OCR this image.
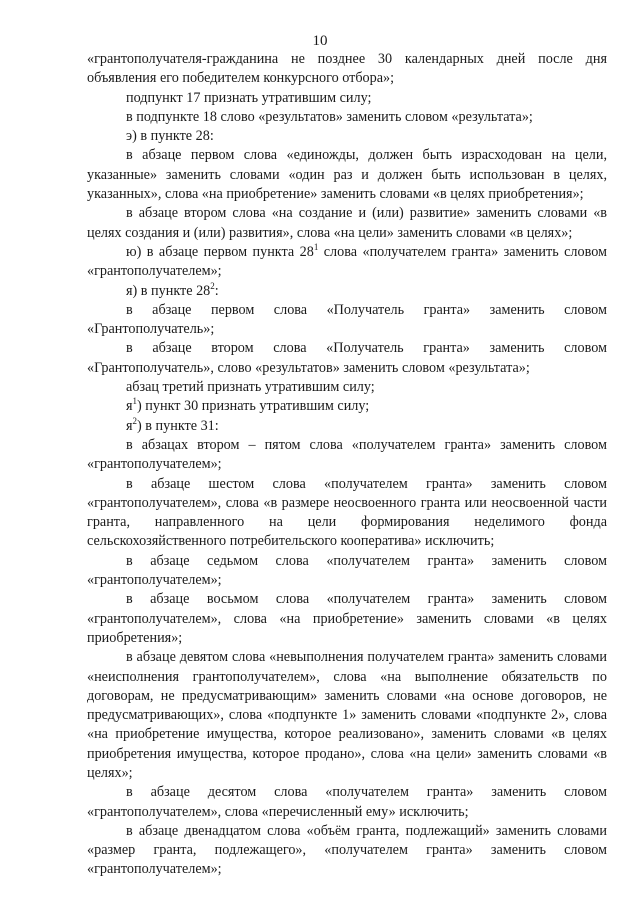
10

«грантополучателя-гражданина не позднее 30 календарных дней после дня объявления его победителем конкурсного отбора»;

подпункт 17 признать утратившим силу;

в подпункте 18 слово «результатов» заменить словом «результата»;

э) в пункте 28:

в абзаце первом слова «единожды, должен быть израсходован на цели, указанные» заменить словами «один раз и должен быть использован в целях, указанных», слова «на приобретение» заменить словами «в целях приобретения»;

в абзаце втором слова «на создание и (или) развитие» заменить словами «в целях создания и (или) развития», слова «на цели» заменить словами «в целях»;

ю) в абзаце первом пункта $28^1$ слова «получателем гранта» заменить словом «грантополучателем»;

я) в пункте $28^2$:

в абзаце первом слова «Получатель гранта» заменить словом «Грантополучатель»;

в абзаце втором слова «Получатель гранта» заменить словом «Грантополучатель», слово «результатов» заменить словом «результата»;

абзац третий признать утратившим силу;

$я^1$) пункт 30 признать утратившим силу;

$я^2$) в пункте 31:

в абзацах втором – пятом слова «получателем гранта» заменить словом «грантополучателем»;

в абзаце шестом слова «получателем гранта» заменить словом «грантополучателем», слова «в размере неосвоенного гранта или неосвоенной части гранта, направленного на цели формирования неделимого фонда сельскохозяйственного потребительского кооператива» исключить;

в абзаце седьмом слова «получателем гранта» заменить словом «грантополучателем»;

в абзаце восьмом слова «получателем гранта» заменить словом «грантополучателем», слова «на приобретение» заменить словами «в целях приобретения»;

в абзаце девятом слова «невыполнения получателем гранта» заменить словами «неисполнения грантополучателем», слова «на выполнение обязательств по договорам, не предусматривающим» заменить словами «на основе договоров, не предусматривающих», слова «подпункте 1» заменить словами «подпункте 2», слова «на приобретение имущества, которое реализовано», заменить словами «в целях приобретения имущества, которое продано», слова «на цели» заменить словами «в целях»;

в абзаце десятом слова «получателем гранта» заменить словом «грантополучателем», слова «перечисленный ему» исключить;

в абзаце двенадцатом слова «объём гранта, подлежащий» заменить словами «размер гранта, подлежащего», «получателем гранта» заменить словом «грантополучателем»;
